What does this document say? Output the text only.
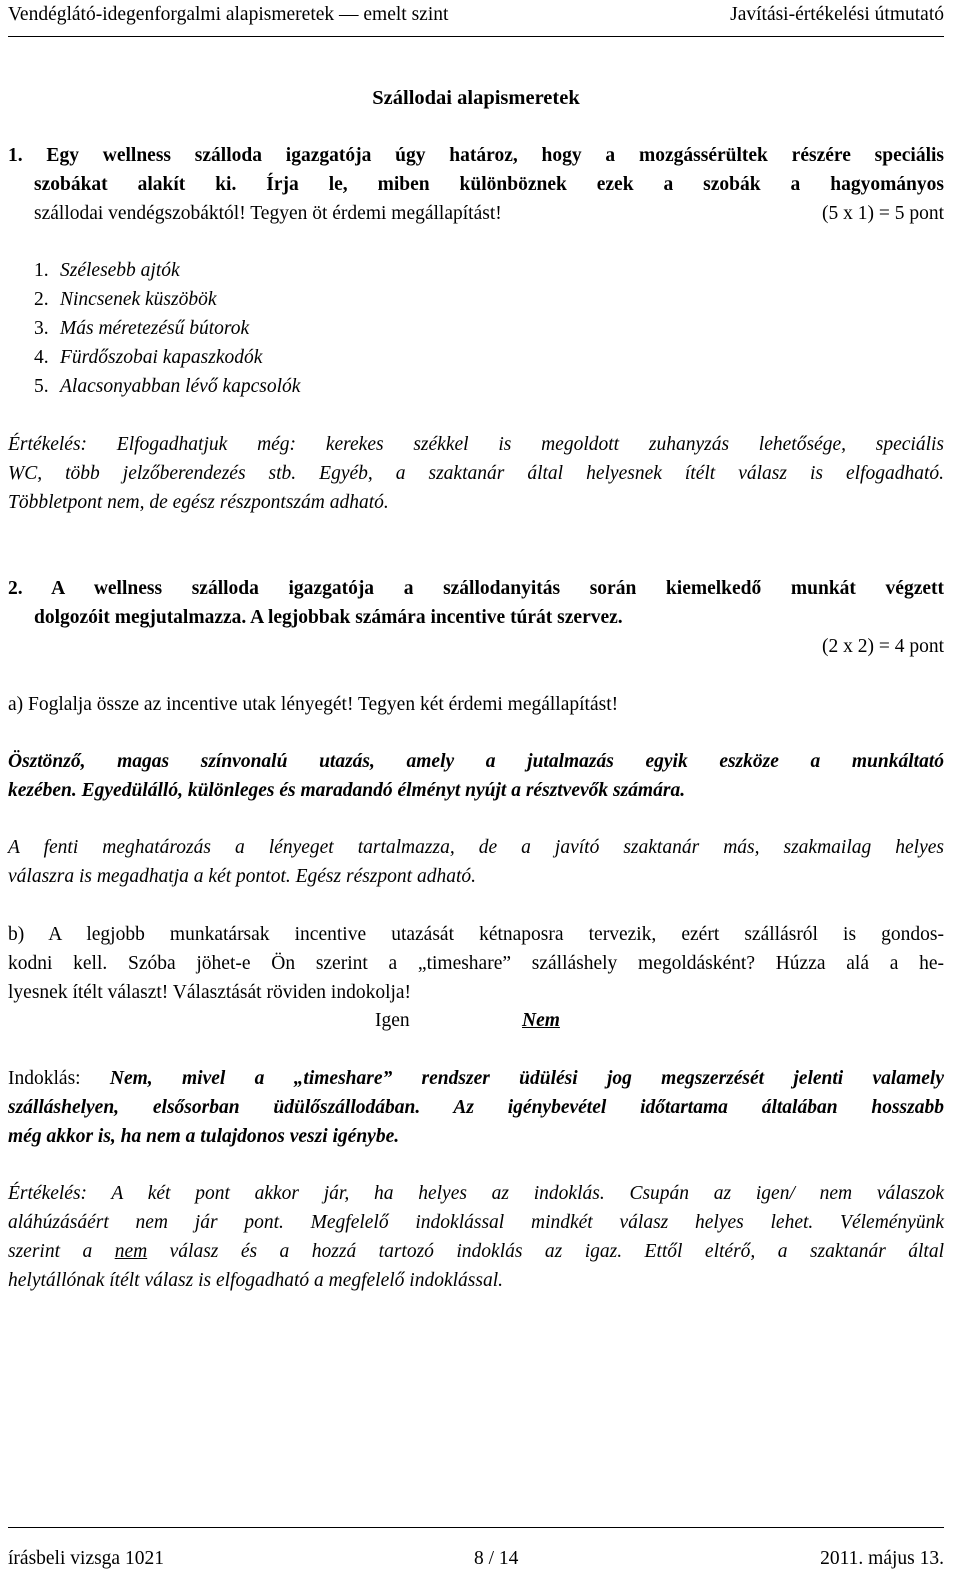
Vendéglátó-idegenforgalmi alapismeretek — emelt szint	Javítási-értékelési útmutató
Szállodai alapismeretek
1. Egy wellness szálloda igazgatója úgy határoz, hogy a mozgássérültek részére speciális
szobákat alakít ki. Írja le, miben különböznek ezek a szobák a hagyományos
szállodai vendégszobáktól! Tegyen öt érdemi megállapítást!	(5 x 1) = 5 pont
1. Szélesebb ajtók
2. Nincsenek küszöbök
3. Más méretezésű bútorok
4. Fürdőszobai kapaszkodók
5. Alacsonyabban lévő kapcsolók
Értékelés: Elfogadhatjuk még: kerekes székkel is megoldott zuhanyzás lehetősége, speciális
WC, több jelzőberendezés stb. Egyéb, a szaktanár által helyesnek ítélt válasz is elfogadható.
Többletpont nem, de egész részpontszám adható.
2. A wellness szálloda igazgatója a szállodanyitás során kiemelkedő munkát végzett
dolgozóit megjutalmazza. A legjobbak számára incentive túrát szervez.
(2 x 2) = 4 pont
a) Foglalja össze az incentive utak lényegét! Tegyen két érdemi megállapítást!
Ösztönző, magas színvonalú utazás, amely a jutalmazás egyik eszköze a munkáltató
kezében. Egyedülálló, különleges és maradandó élményt nyújt a résztvevők számára.
A fenti meghatározás a lényeget tartalmazza, de a javító szaktanár más, szakmailag helyes
válaszra is megadhatja a két pontot. Egész részpont adható.
b) A legjobb munkatársak incentive utazását kétnaposra tervezik, ezért szállásról is gondos-
kodni kell. Szóba jöhet-e Ön szerint a „timeshare” szálláshely megoldásként? Húzza alá a he-
lyesnek ítélt választ! Választását röviden indokolja!
Igen	Nem
Indoklás: Nem, mivel a „timeshare” rendszer üdülési jog megszerzését jelenti valamely
szálláshelyen, elsősorban üdülőszállodában. Az igénybevétel időtartama általában hosszabb
még akkor is, ha nem a tulajdonos veszi igénybe.
Értékelés: A két pont akkor jár, ha helyes az indoklás. Csupán az igen/ nem válaszok
aláhúzásáért nem jár pont. Megfelelő indoklással mindkét válasz helyes lehet. Véleményünk
szerint a nem válasz és a hozzá tartozó indoklás az igaz. Ettől eltérő, a szaktanár által
helytállónak ítélt válasz is elfogadható a megfelelő indoklással.
írásbeli vizsga 1021	8 / 14	2011. május 13.
